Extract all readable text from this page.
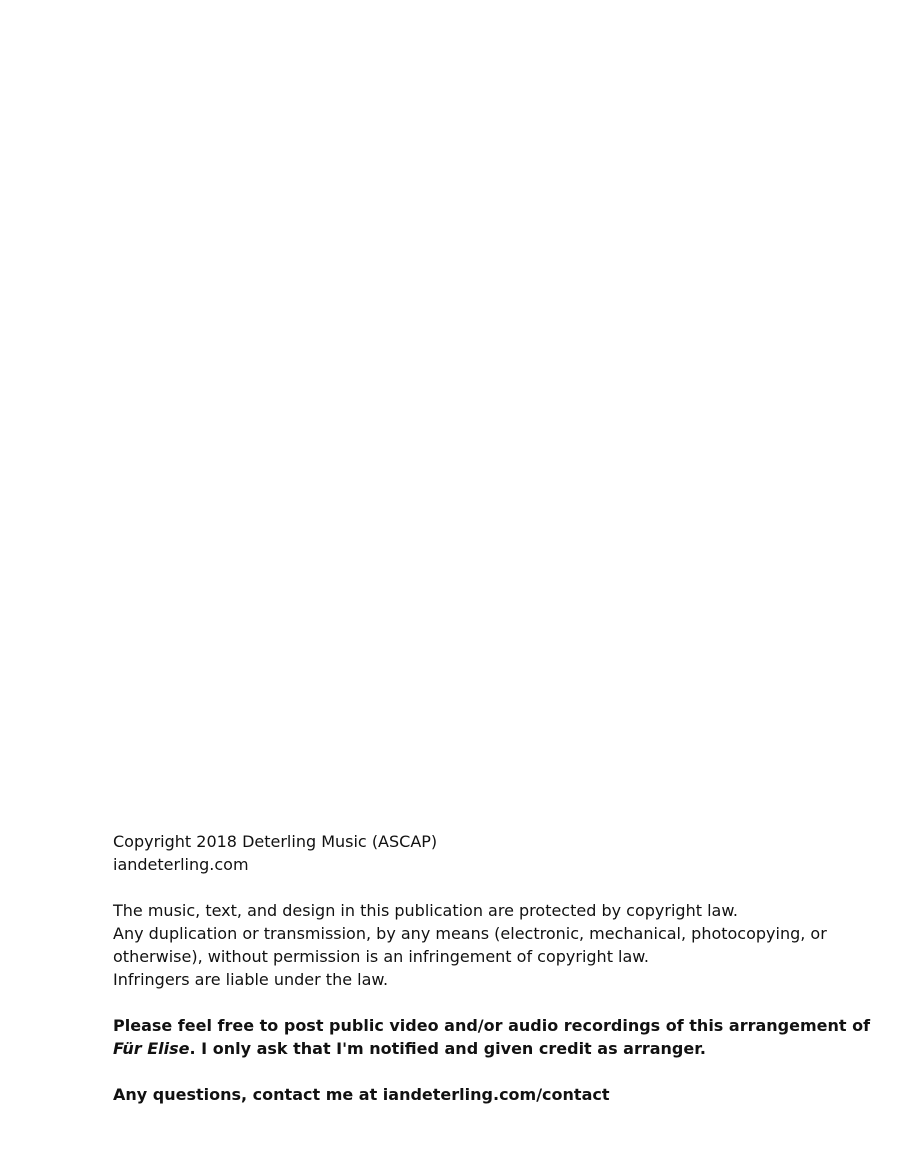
Copyright 2018 Deterling Music (ASCAP)
iandeterling.com
The music, text, and design in this publication are protected by copyright law.
Any duplication or transmission, by any means (electronic, mechanical, photocopying, or
otherwise), without permission is an infringement of copyright law.
Infringers are liable under the law.
Please feel free to post public video and/or audio recordings of this arrangement of
Für Elise. I only ask that I'm notified and given credit as arranger.
Any questions, contact me at iandeterling.com/contact
